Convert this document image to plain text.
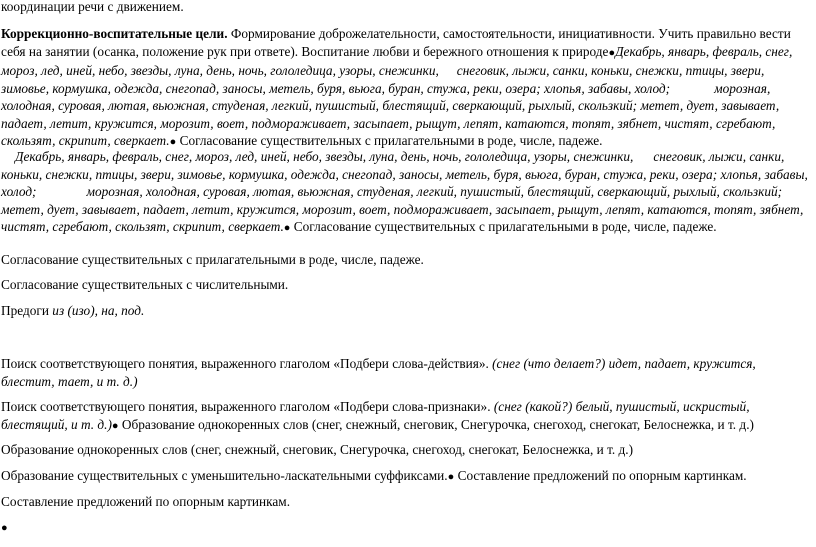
координации речи с движением.

Коррекционно-воспитательные цели. Формирование доброжелательности, самостоятельности, инициативности. Учить правильно вести себя на занятии (осанка, положение рук при ответе). Воспитание любви и бережного отношения к природе●Декабрь, январь, февраль, снег, мороз, лед, иней, небо, звезды, луна, день, ночь, гололедица, узоры, снежинки, снеговик, лыжи, санки, коньки, снежки, птицы, звери, зимовье, кормушка, одежда, снегопад, заносы, метель, буря, вьюга, буран, стужа, реки, озера; хлопья, забавы, холод;	морозная, холодная, суровая, лютая, вьюжная, студеная, легкий, пушистый, блестящий, сверкающий, рыхлый, скользкий; метет, дует, завывает, падает, летит, кружится, морозит, воет, подмораживает, засыпает, рыщут, лепят, катаются, топят, зябнет, чистят, сгребают, скользят, скрипит, сверкает.● Согласование существительных с прилагательными в роде, числе, падеже.

Декабрь, январь, февраль, снег, мороз, лед, иней, небо, звезды, луна, день, ночь, гололедица, узоры, снежинки, снеговик, лыжи, санки, коньки, снежки, птицы, звери, зимовье, кормушка, одежда, снегопад, заносы, метель, буря, вьюга, буран, стужа, реки, озера; хлопья, забавы, холод;	морозная, холодная, суровая, лютая, вьюжная, студеная, легкий, пушистый, блестящий, сверкающий, рыхлый, скользкий; метет, дует, завывает, падает, летит, кружится, морозит, воет, подмораживает, засыпает, рыщут, лепят, катаются, топят, зябнет, чистят, сгребают, скользят, скрипит, сверкает.● Согласование существительных с прилагательными в роде, числе, падеже.

Согласование существительных с прилагательными в роде, числе, падеже.

Согласование существительных с числительными.

Предоги из (изо), на, под.

Поиск соответствующего понятия, выраженного глаголом «Подбери слова-действия». (снег (что делает?) идет, падает, кружится, блестит, тает, и т. д.)

Поиск соответствующего понятия, выраженного глаголом «Подбери слова-признаки». (снег (какой?) белый, пушистый, искристый, блестящий, и т. д.)● Образование однокоренных слов (снег, снежный, снеговик, Снегурочка, снегоход, снегокат, Белоснежка, и т. д.)

Образование однокоренных слов (снег, снежный, снеговик, Снегурочка, снегоход, снегокат, Белоснежка, и т. д.)

Образование существительных с уменьшительно-ласкательными суффиксами.● Составление предложений по опорным картинкам.

Составление предложений по опорным картинкам.

●
